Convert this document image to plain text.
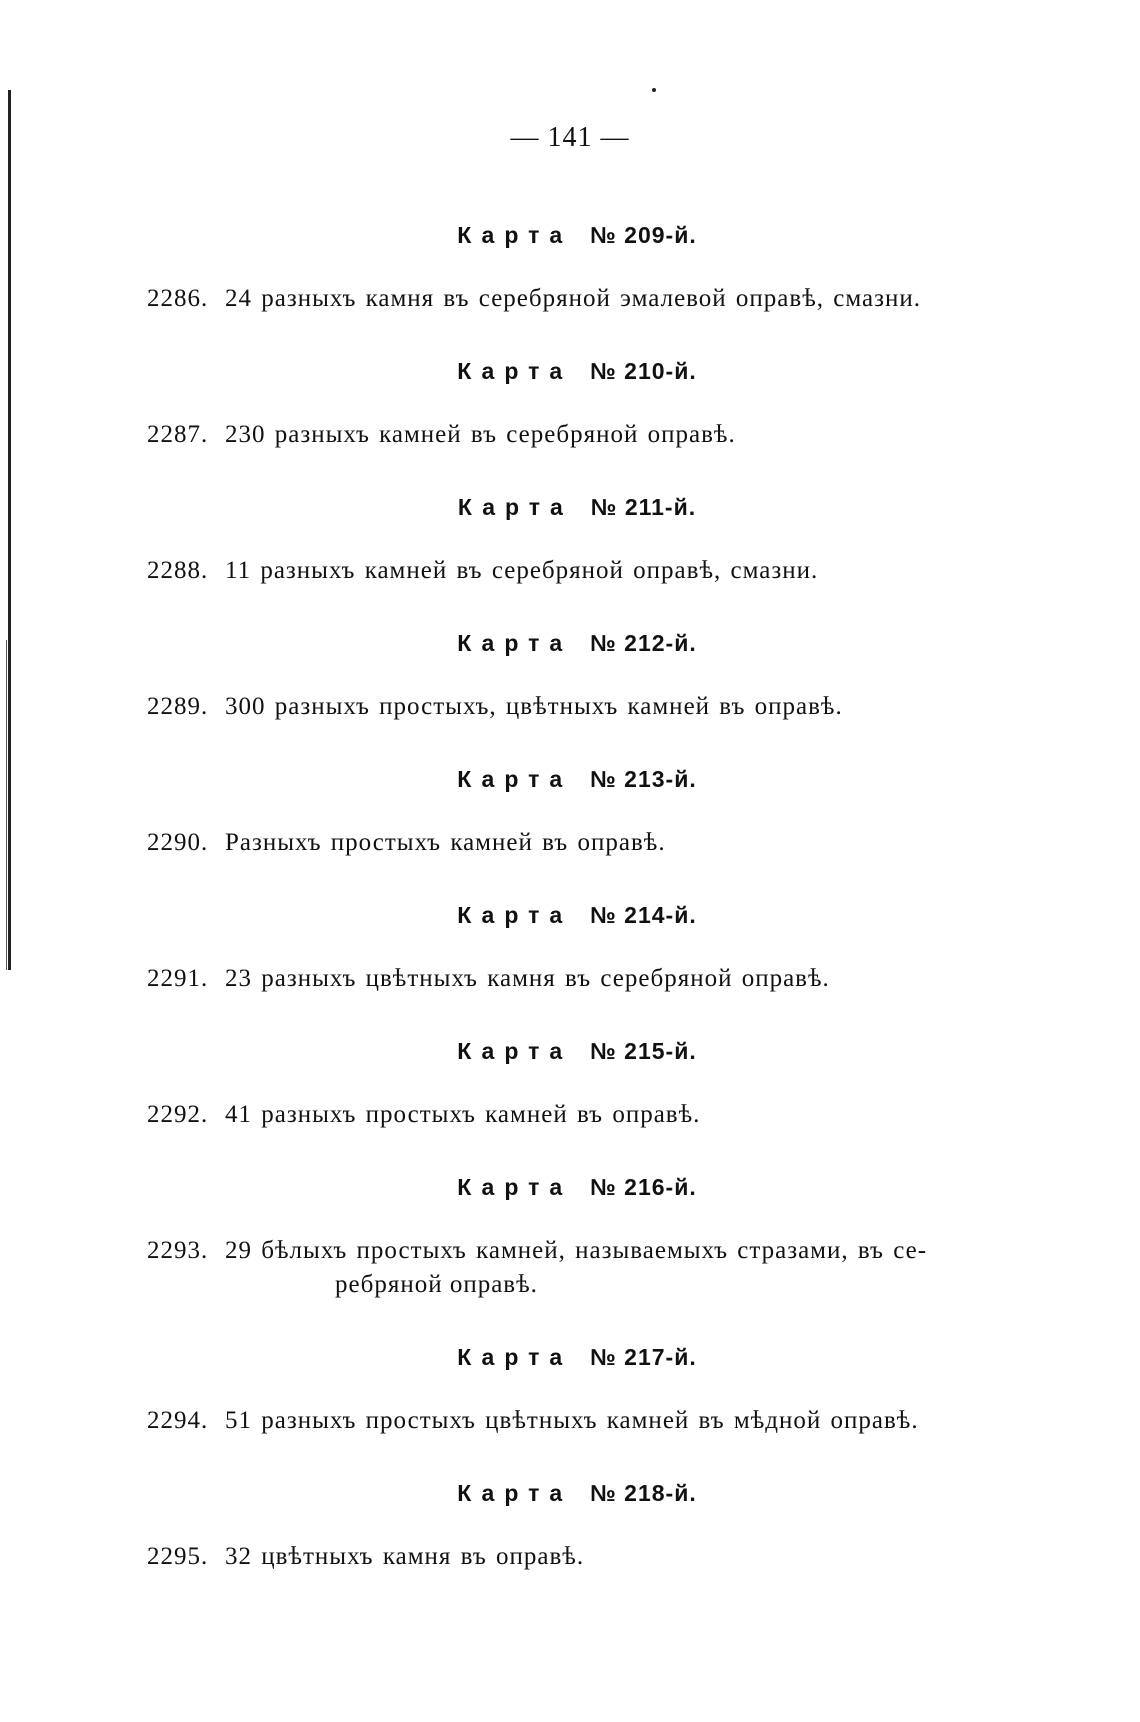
— 141 —
Карта № 209-й.
2286. 24 разныхъ камня въ серебряной эмалевой оправѣ, смазни.
Карта № 210-й.
2287. 230 разныхъ камней въ серебряной оправѣ.
Карта № 211-й.
2288. 11 разныхъ камней въ серебряной оправѣ, смазни.
Карта № 212-й.
2289. 300 разныхъ простыхъ, цвѣтныхъ камней въ оправѣ.
Карта № 213-й.
2290. Разныхъ простыхъ камней въ оправѣ.
Карта № 214-й.
2291. 23 разныхъ цвѣтныхъ камня въ серебряной оправѣ.
Карта № 215-й.
2292. 41 разныхъ простыхъ камней въ оправѣ.
Карта № 216-й.
2293. 29 бѣлыхъ простыхъ камней, называемыхъ стразами, въ се-
ребряной оправѣ.
Карта № 217-й.
2294. 51 разныхъ простыхъ цвѣтныхъ камней въ мѣдной оправѣ.
Карта № 218-й.
2295. 32 цвѣтныхъ камня въ оправѣ.
